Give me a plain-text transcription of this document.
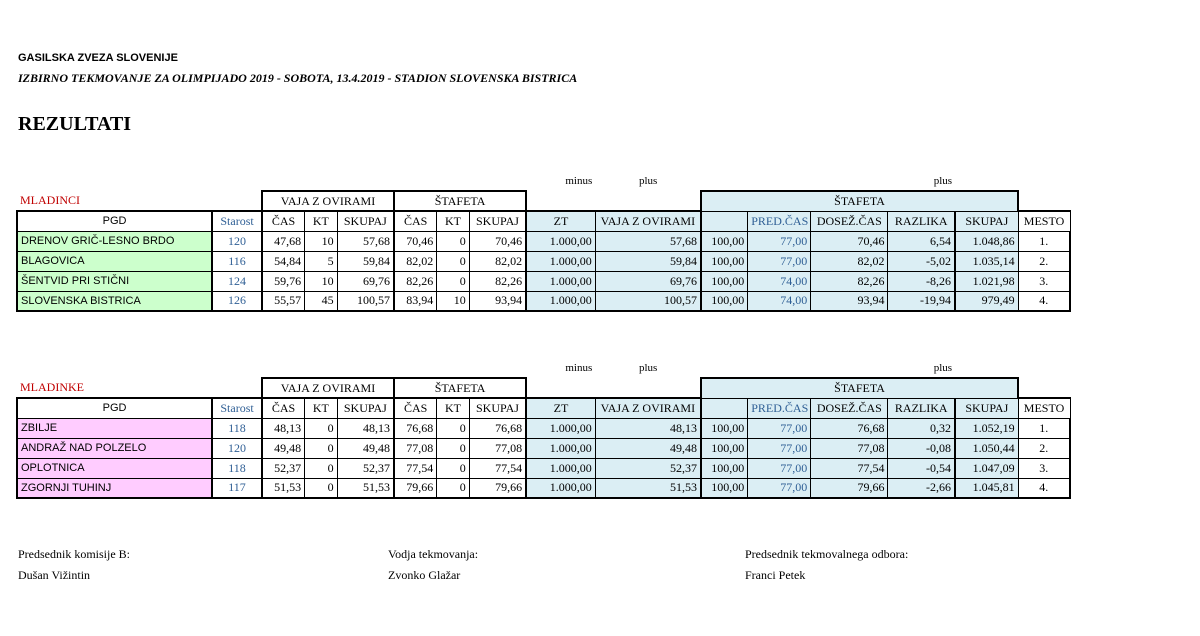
GASILSKA ZVEZA SLOVENIJE
IZBIRNO TEKMOVANJE ZA OLIMPIJADO 2019 - SOBOTA, 13.4.2019 - STADION SLOVENSKA BISTRICA
REZULTATI
								minus	plus				plus		
MLADINCI		VAJA Z OVIRAMI			ŠTAFETA					ŠTAFETA					
PGD	Starost	ČAS	KT	SKUPAJ	ČAS	KT	SKUPAJ	ZT	VAJA Z OVIRAMI		PRED.ČAS	DOSEŽ.ČAS	RAZLIKA	SKUPAJ	MESTO
DRENOV GRIČ-LESNO BRDO	120	47,68	10	57,68	70,46	0	70,46	1.000,00	57,68	100,00	77,00	70,46	6,54	1.048,86	1.
BLAGOVICA	116	54,84	5	59,84	82,02	0	82,02	1.000,00	59,84	100,00	77,00	82,02	-5,02	1.035,14	2.
ŠENTVID PRI STIČNI	124	59,76	10	69,76	82,26	0	82,26	1.000,00	69,76	100,00	74,00	82,26	-8,26	1.021,98	3.
SLOVENSKA BISTRICA	126	55,57	45	100,57	83,94	10	93,94	1.000,00	100,57	100,00	74,00	93,94	-19,94	979,49	4.
								minus	plus				plus		
MLADINKE		VAJA Z OVIRAMI			ŠTAFETA					ŠTAFETA					
PGD	Starost	ČAS	KT	SKUPAJ	ČAS	KT	SKUPAJ	ZT	VAJA Z OVIRAMI		PRED.ČAS	DOSEŽ.ČAS	RAZLIKA	SKUPAJ	MESTO
ZBILJE	118	48,13	0	48,13	76,68	0	76,68	1.000,00	48,13	100,00	77,00	76,68	0,32	1.052,19	1.
ANDRAŽ NAD POLZELO	120	49,48	0	49,48	77,08	0	77,08	1.000,00	49,48	100,00	77,00	77,08	-0,08	1.050,44	2.
OPLOTNICA	118	52,37	0	52,37	77,54	0	77,54	1.000,00	52,37	100,00	77,00	77,54	-0,54	1.047,09	3.
ZGORNJI TUHINJ	117	51,53	0	51,53	79,66	0	79,66	1.000,00	51,53	100,00	77,00	79,66	-2,66	1.045,81	4.
Predsednik komisije B:
Dušan Vižintin
Vodja tekmovanja:
Zvonko Glažar
Predsednik tekmovalnega odbora:
Franci Petek
